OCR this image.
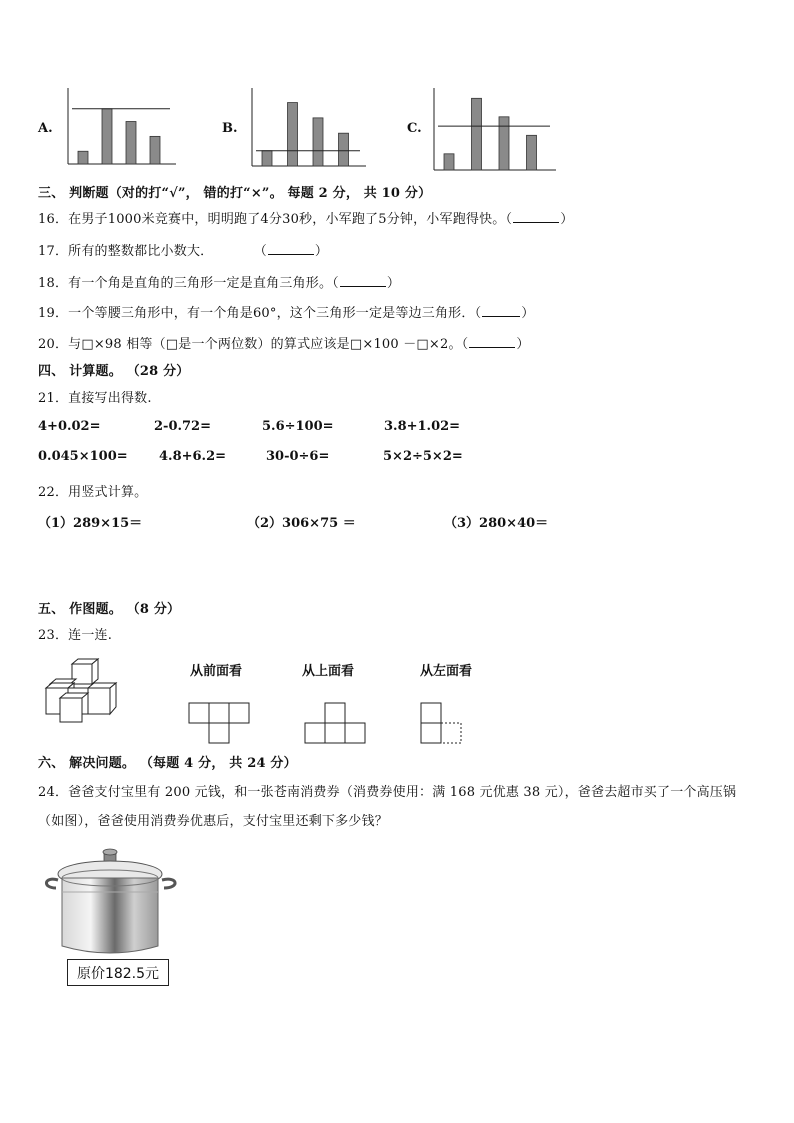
A.	B.	C.
三、 判断题（对的打“√”， 错的打“×”。 每题 2 分， 共 10 分）
16．在男子1000米竞赛中，明明跑了4分30秒，小军跑了5分钟，小军跑得快。（	）
17．所有的整数都比小数大．	（	）
18．有一个角是直角的三角形一定是直角三角形。（	）
19．一个等腰三角形中，有一个角是60°，这个三角形一定是等边三角形．（	）
20．与□×98 相等（□是一个两位数）的算式应该是□×100 －□×2。（	）
四、 计算题。 （28 分）
21．直接写出得数.
4+0.02=	2-0.72=	5.6÷100=	3.8+1.02=
0.045×100= 4.8+6.2=	30-0÷6=	5×2÷5×2=
22．用竖式计算。
（1）289×15＝	（2）306×75 ＝	（3）280×40＝
五、 作图题。 （8 分）
23．连一连.
从前面看	从上面看	从左面看
六、 解决问题。 （每题 4 分， 共 24 分）
24．爸爸支付宝里有 200 元钱，和一张苍南消费券（消费券使用：满 168 元优惠 38 元），爸爸去超市买了一个高压锅
（如图），爸爸使用消费券优惠后，支付宝里还剩下多少钱？
原价182.5元
